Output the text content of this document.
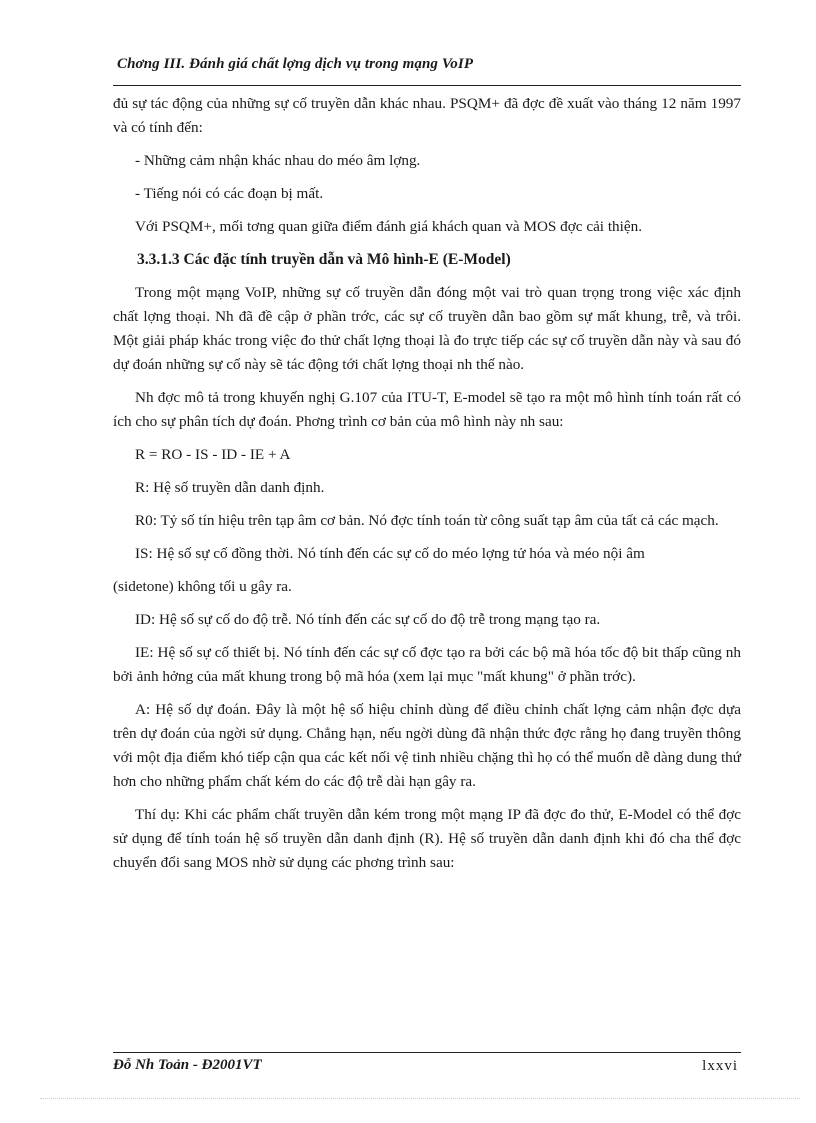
Chơng III. Đánh giá chất lợng dịch vụ trong mạng VoIP

đủ sự tác động của những sự cố truyền dẫn khác nhau. PSQM+ đã đợc đề xuất vào tháng 12 năm 1997 và có tính đến:

- Những cảm nhận khác nhau do méo âm lợng.

- Tiếng nói có các đoạn bị mất.

Với PSQM+, mối tơng quan giữa điểm đánh giá khách quan và MOS đợc cải thiện.

3.3.1.3 Các đặc tính truyền dẫn và Mô hình-E (E-Model)

Trong một mạng VoIP, những sự cố truyền dẫn đóng một vai trò quan trọng trong việc xác định chất lợng thoại. Nh đã đề cập ở phần trớc, các sự cố truyền dẫn bao gồm sự mất khung, trễ, và trôi. Một giải pháp khác trong việc đo thử chất lợng thoại là đo trực tiếp các sự cố truyền dẫn này và sau đó dự đoán những sự cố này sẽ tác động tới chất lợng thoại nh thế nào.

Nh đợc mô tả trong khuyến nghị G.107 của ITU-T, E-model sẽ tạo ra một mô hình tính toán rất có ích cho sự phân tích dự đoán. Phơng trình cơ bản của mô hình này nh sau:

R = RO - IS - ID - IE + A

R: Hệ số truyền dẫn danh định.

R0: Tỷ số tín hiệu trên tạp âm cơ bản. Nó đợc tính toán từ công suất tạp âm của tất cả các mạch.

IS: Hệ số sự cố đồng thời. Nó tính đến các sự cố do méo lợng tử hóa và méo nội âm

(sidetone) không tối u gây ra.

ID: Hệ số sự cố do độ trễ. Nó tính đến các sự cố do độ trễ trong mạng tạo ra.

IE: Hệ số sự cố thiết bị. Nó tính đến các sự cố đợc tạo ra bởi các bộ mã hóa tốc độ bit thấp cũng nh bởi ảnh hởng của mất khung trong bộ mã hóa (xem lại mục "mất khung" ở phần trớc).

A: Hệ số dự đoán. Đây là một hệ số hiệu chỉnh dùng để điều chỉnh chất lợng cảm nhận đợc dựa trên dự đoán của ngời sử dụng. Chẳng hạn, nếu ngời dùng đã nhận thức đợc rằng họ đang truyền thông với một địa điểm khó tiếp cận qua các kết nối vệ tinh nhiều chặng thì họ có thể muốn dễ dàng dung thứ hơn cho những phẩm chất kém do các độ trễ dài hạn gây ra.

Thí dụ: Khi các phẩm chất truyền dẫn kém trong một mạng IP đã đợc đo thử, E-Model có thể đợc sử dụng để tính toán hệ số truyền dẫn danh định (R). Hệ số truyền dẫn danh định khi đó cha thể đợc chuyển đổi sang MOS nhờ sử dụng các phơng trình sau:

Đỗ Nh Toản - Đ2001VT	lxxvi
